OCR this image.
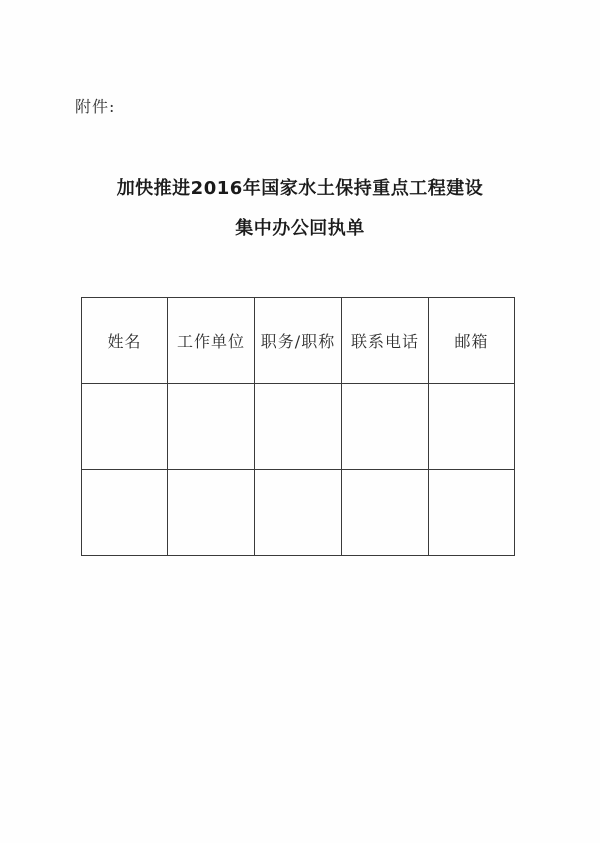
附件:
加快推进2016年国家水土保持重点工程建设
集中办公回执单
姓名	工作单位	职务/职称	联系电话	邮箱
